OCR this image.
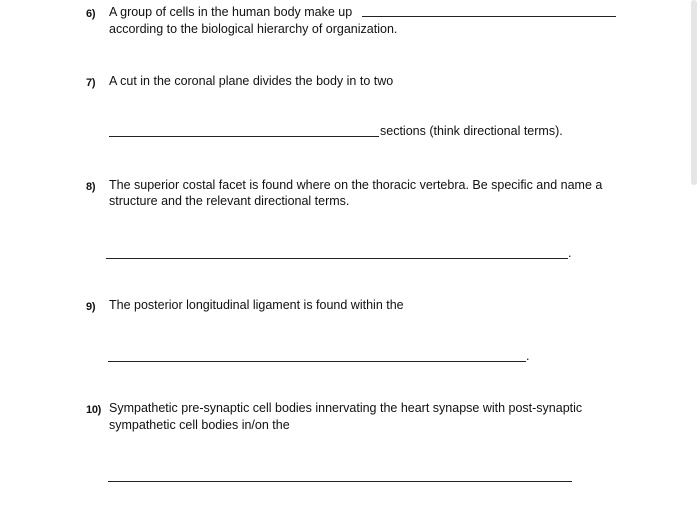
6) A group of cells in the human body make up
according to the biological hierarchy of organization.
7) A cut in the coronal plane divides the body in to two
sections (think directional terms).
8) The superior costal facet is found where on the thoracic vertebra. Be specific and name a
structure and the relevant directional terms.
.
9) The posterior longitudinal ligament is found within the
.
10) Sympathetic pre-synaptic cell bodies innervating the heart synapse with post-synaptic
sympathetic cell bodies in/on the
